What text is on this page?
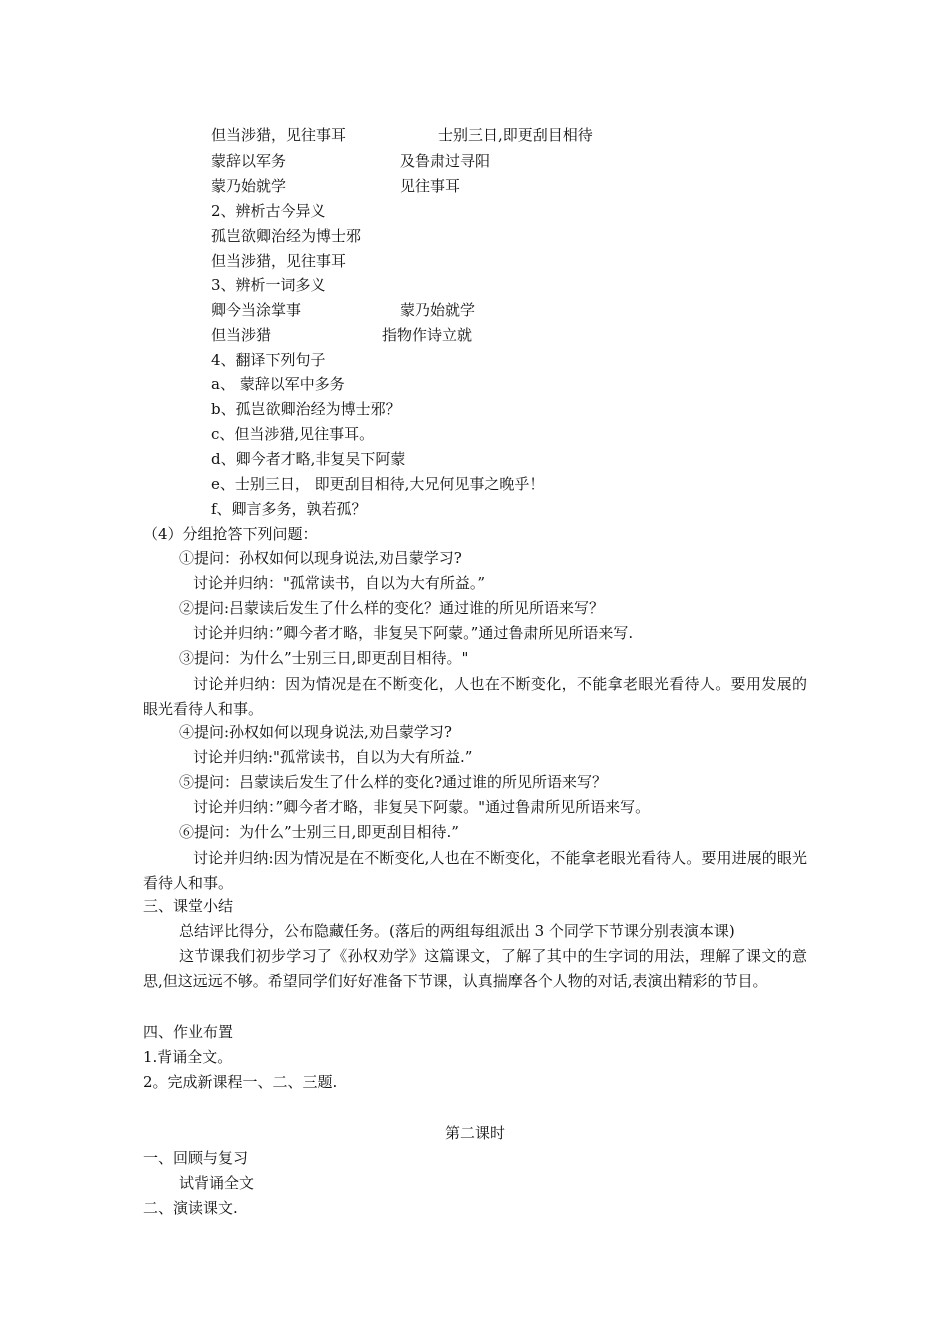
但当涉猎，见往事耳	士别三日,即更刮目相待
蒙辞以军务	及鲁肃过寻阳
蒙乃始就学	见往事耳
2、辨析古今异义
孤岂欲卿治经为博士邪
但当涉猎，见往事耳
3、辨析一词多义
卿今当涂掌事	蒙乃始就学
但当涉猎	指物作诗立就
4、翻译下列句子
a、 蒙辞以军中多务
b、孤岂欲卿治经为博士邪？
c、但当涉猎,见往事耳。
d、卿今者才略,非复吴下阿蒙
e、士别三日， 即更刮目相待,大兄何见事之晚乎！
f、卿言多务，孰若孤？
（4）分组抢答下列问题：
①提问：孙权如何以现身说法,劝吕蒙学习?
讨论并归纳："孤常读书，自以为大有所益。”
②提问:吕蒙读后发生了什么样的变化？通过谁的所见所语来写？
讨论并归纳：”卿今者才略，非复吴下阿蒙。”通过鲁肃所见所语来写.
③提问：为什么”士别三日,即更刮目相待。"
讨论并归纳：因为情况是在不断变化，人也在不断变化，不能拿老眼光看待人。要用发展的眼光看待人和事。
④提问:孙权如何以现身说法,劝吕蒙学习?
讨论并归纳:"孤常读书，自以为大有所益.”
⑤提问：吕蒙读后发生了什么样的变化?通过谁的所见所语来写？
讨论并归纳：”卿今者才略，非复吴下阿蒙。"通过鲁肃所见所语来写。
⑥提问：为什么”士别三日,即更刮目相待.”
讨论并归纳:因为情况是在不断变化,人也在不断变化，不能拿老眼光看待人。要用进展的眼光看待人和事。
三、课堂小结
总结评比得分，公布隐藏任务。(落后的两组每组派出 3 个同学下节课分别表演本课)
这节课我们初步学习了《孙权劝学》这篇课文，了解了其中的生字词的用法，理解了课文的意思,但这远远不够。希望同学们好好准备下节课，认真揣摩各个人物的对话,表演出精彩的节目。
四、作业布置
1.背诵全文。
2。完成新课程一、二、三题.
第二课时
一、回顾与复习
试背诵全文
二、演读课文.
